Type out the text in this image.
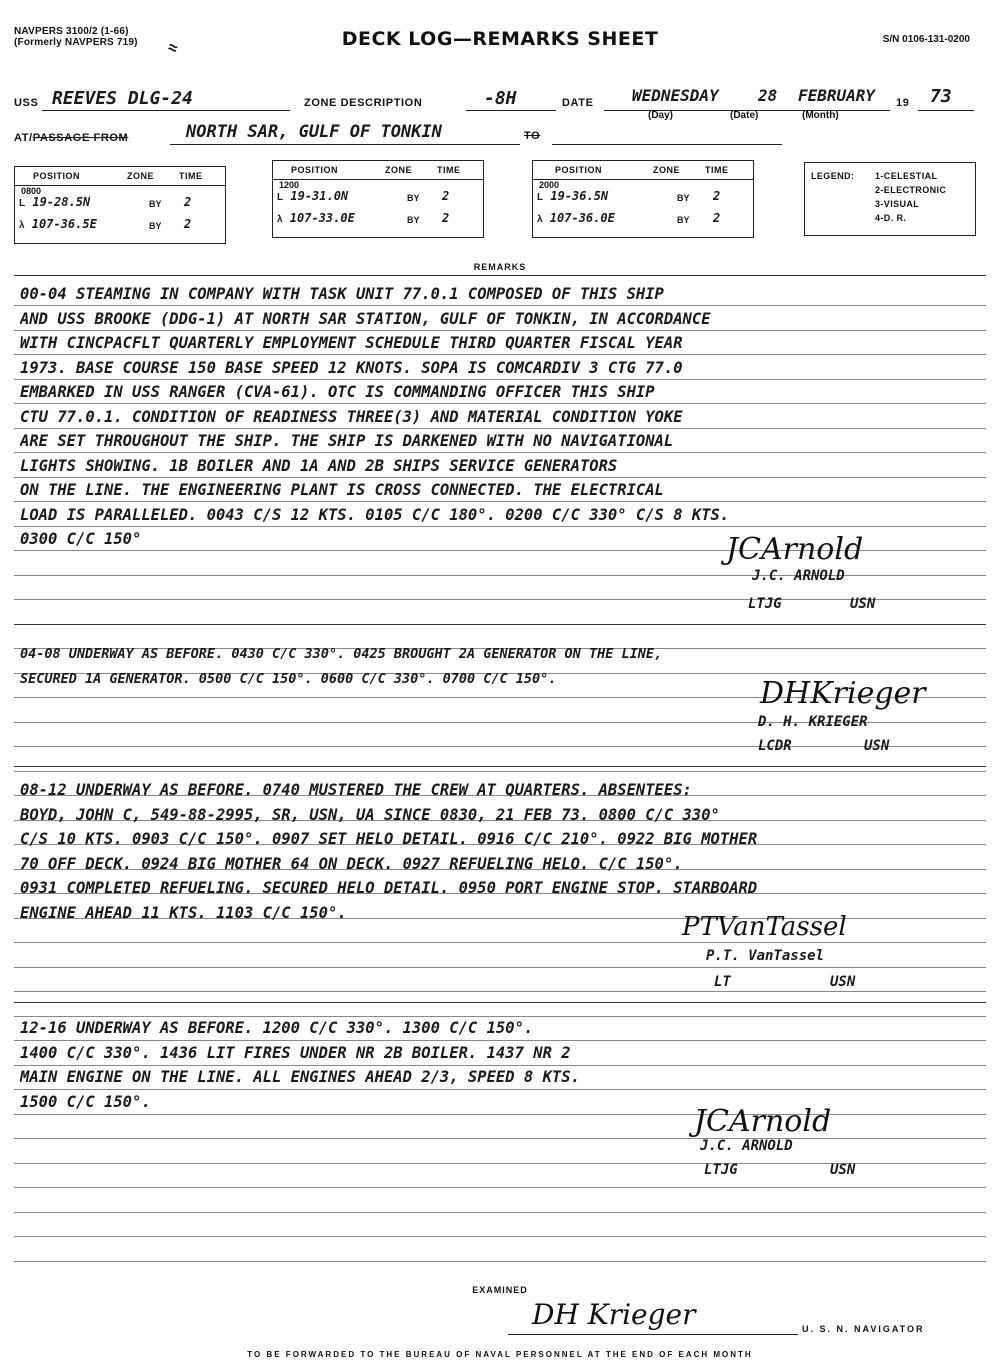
NAVPERS 3100/2 (1-66)
(Formerly NAVPERS 719)	DECK LOG—REMARKS SHEET	S/N 0106-131-0200
≈
USS REEVES DLG-24	ZONE DESCRIPTION	-8H	DATE WEDNESDAY 28 FEBRUARY 19 73
(Day)	(Date)	(Month)
AT/PASSAGE FROM	NORTH SAR, GULF OF TONKIN	TO
POSITION	ZONE	TIME
0800
L 19-28.5N	BY 2
λ 107-36.5E	BY 2
POSITION	ZONE	TIME
1200
L 19-31.0N	BY 2
λ 107-33.0E	BY 2
POSITION	ZONE	TIME
2000
L 19-36.5N	BY 2
λ 107-36.0E	BY 2
LEGEND: 1-CELESTIAL
2-ELECTRONIC
3-VISUAL
4-D. R.
REMARKS
00-04 STEAMING IN COMPANY WITH TASK UNIT 77.0.1 COMPOSED OF THIS SHIP
AND USS BROOKE (DDG-1) AT NORTH SAR STATION, GULF OF TONKIN, IN ACCORDANCE
WITH CINCPACFLT QUARTERLY EMPLOYMENT SCHEDULE THIRD QUARTER FISCAL YEAR
1973. BASE COURSE 150 BASE SPEED 12 KNOTS. SOPA IS COMCARDIV 3 CTG 77.0
EMBARKED IN USS RANGER (CVA-61). OTC IS COMMANDING OFFICER THIS SHIP
CTU 77.0.1. CONDITION OF READINESS THREE(3) AND MATERIAL CONDITION YOKE
ARE SET THROUGHOUT THE SHIP. THE SHIP IS DARKENED WITH NO NAVIGATIONAL
LIGHTS SHOWING. 1B BOILER AND 1A AND 2B SHIPS SERVICE GENERATORS
ON THE LINE. THE ENGINEERING PLANT IS CROSS CONNECTED. THE ELECTRICAL
LOAD IS PARALLELED. 0043 C/S 12 KTS. 0105 C/C 180°. 0200 C/C 330° C/S 8 KTS.
0300 C/C 150°	JCArnold
J.C. ARNOLD
LTJG	USN
04-08 UNDERWAY AS BEFORE. 0430 C/C 330°. 0425 BROUGHT 2A GENERATOR ON THE LINE,
SECURED 1A GENERATOR. 0500 C/C 150°. 0600 C/C 330°. 0700 C/C 150°.	DHKrieger
D. H. KRIEGER
LCDR	USN
08-12 UNDERWAY AS BEFORE. 0740 MUSTERED THE CREW AT QUARTERS. ABSENTEES:
BOYD, JOHN C, 549-88-2995, SR, USN, UA SINCE 0830, 21 FEB 73. 0800 C/C 330°
C/S 10 KTS. 0903 C/C 150°. 0907 SET HELO DETAIL. 0916 C/C 210°. 0922 BIG MOTHER
70 OFF DECK. 0924 BIG MOTHER 64 ON DECK. 0927 REFUELING HELO. C/C 150°.
0931 COMPLETED REFUELING. SECURED HELO DETAIL. 0950 PORT ENGINE STOP. STARBOARD
ENGINE AHEAD 11 KTS. 1103 C/C 150°.	PTVanTassel
P.T. VanTassel
LT	USN
12-16 UNDERWAY AS BEFORE. 1200 C/C 330°. 1300 C/C 150°.
1400 C/C 330°. 1436 LIT FIRES UNDER NR 2B BOILER. 1437 NR 2
MAIN ENGINE ON THE LINE. ALL ENGINES AHEAD 2/3, SPEED 8 KTS.
1500 C/C 150°.
JCArnold
J.C. ARNOLD
LTJG	USN
EXAMINED
DH Krieger	U. S. N. NAVIGATOR
TO BE FORWARDED TO THE BUREAU OF NAVAL PERSONNEL AT THE END OF EACH MONTH
